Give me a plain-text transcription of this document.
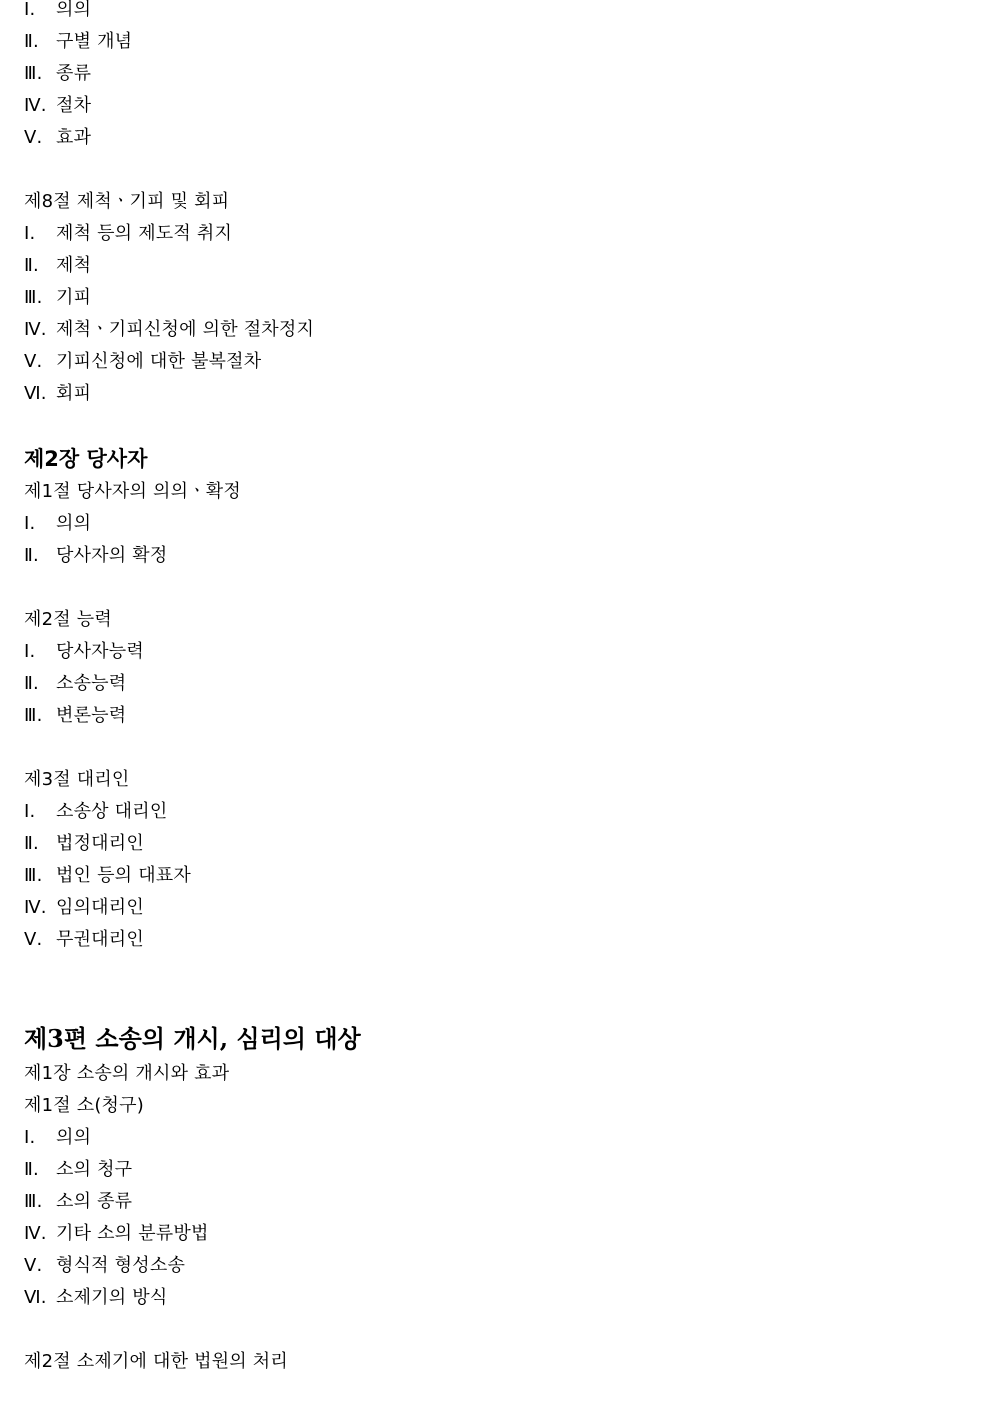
Ⅰ. 의의
Ⅱ. 구별 개념
Ⅲ. 종류
Ⅳ. 절차
Ⅴ. 효과
제8절 제척ㆍ기피 및 회피
Ⅰ. 제척 등의 제도적 취지
Ⅱ. 제척
Ⅲ. 기피
Ⅳ. 제척ㆍ기피신청에 의한 절차정지
Ⅴ. 기피신청에 대한 불복절차
Ⅵ. 회피
제2장 당사자
제1절 당사자의 의의ㆍ확정
Ⅰ. 의의
Ⅱ. 당사자의 확정
제2절 능력
Ⅰ. 당사자능력
Ⅱ. 소송능력
Ⅲ. 변론능력
제3절 대리인
Ⅰ. 소송상 대리인
Ⅱ. 법정대리인
Ⅲ. 법인 등의 대표자
Ⅳ. 임의대리인
Ⅴ. 무권대리인
제3편 소송의 개시, 심리의 대상
제1장 소송의 개시와 효과
제1절 소(청구)
Ⅰ. 의의
Ⅱ. 소의 청구
Ⅲ. 소의 종류
Ⅳ. 기타 소의 분류방법
Ⅴ. 형식적 형성소송
Ⅵ. 소제기의 방식
제2절 소제기에 대한 법원의 처리
